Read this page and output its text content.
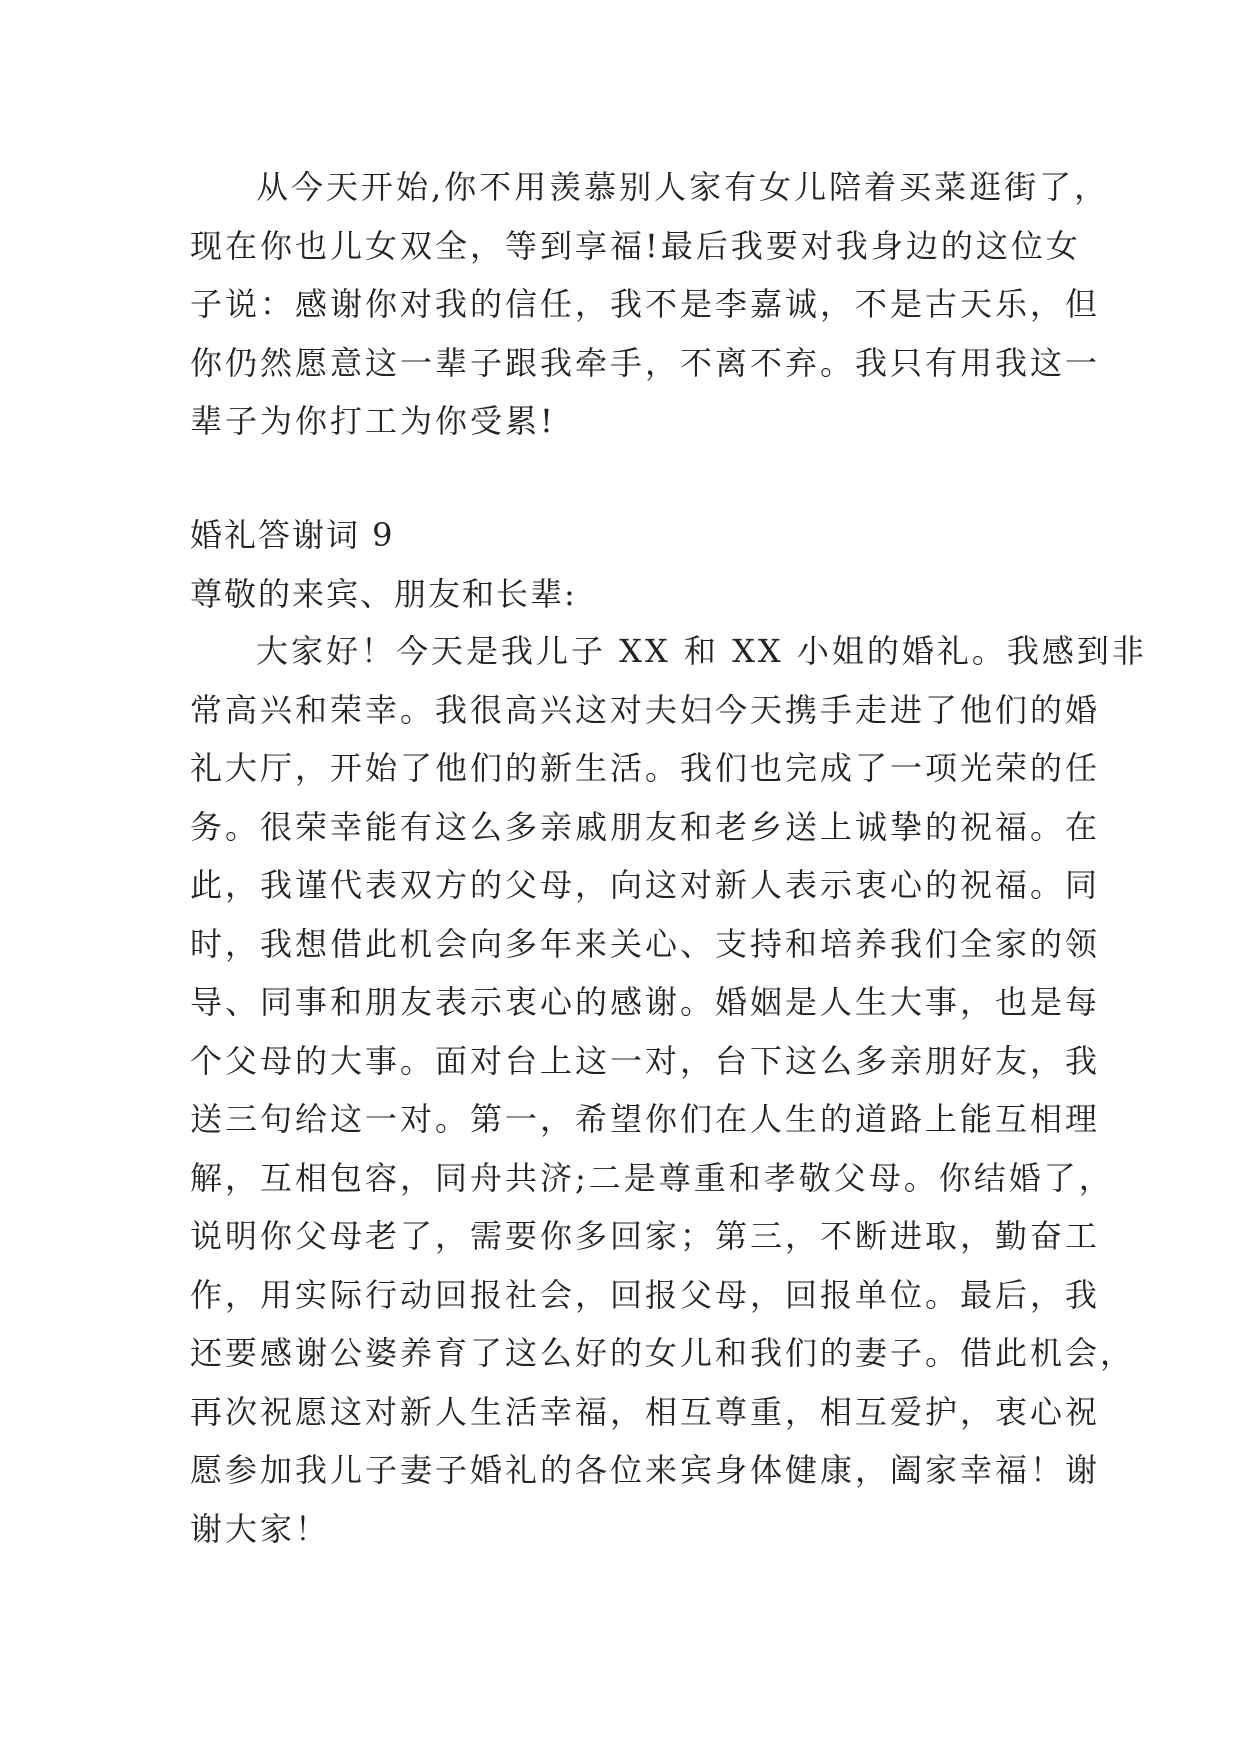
从今天开始,你不用羡慕别人家有女儿陪着买菜逛街了，
现在你也儿女双全，等到享福!最后我要对我身边的这位女
子说：感谢你对我的信任，我不是李嘉诚，不是古天乐，但
你仍然愿意这一辈子跟我牵手，不离不弃。我只有用我这一
辈子为你打工为你受累!
婚礼答谢词 9
尊敬的来宾、朋友和长辈:
大家好！今天是我儿子 XX 和 XX 小姐的婚礼。我感到非
常高兴和荣幸。我很高兴这对夫妇今天携手走进了他们的婚
礼大厅，开始了他们的新生活。我们也完成了一项光荣的任
务。很荣幸能有这么多亲戚朋友和老乡送上诚挚的祝福。在
此，我谨代表双方的父母，向这对新人表示衷心的祝福。同
时，我想借此机会向多年来关心、支持和培养我们全家的领
导、同事和朋友表示衷心的感谢。婚姻是人生大事，也是每
个父母的大事。面对台上这一对，台下这么多亲朋好友，我
送三句给这一对。第一，希望你们在人生的道路上能互相理
解，互相包容，同舟共济;二是尊重和孝敬父母。你结婚了，
说明你父母老了，需要你多回家；第三，不断进取，勤奋工
作，用实际行动回报社会，回报父母，回报单位。最后，我
还要感谢公婆养育了这么好的女儿和我们的妻子。借此机会，
再次祝愿这对新人生活幸福，相互尊重，相互爱护，衷心祝
愿参加我儿子妻子婚礼的各位来宾身体健康，阖家幸福！谢
谢大家！
